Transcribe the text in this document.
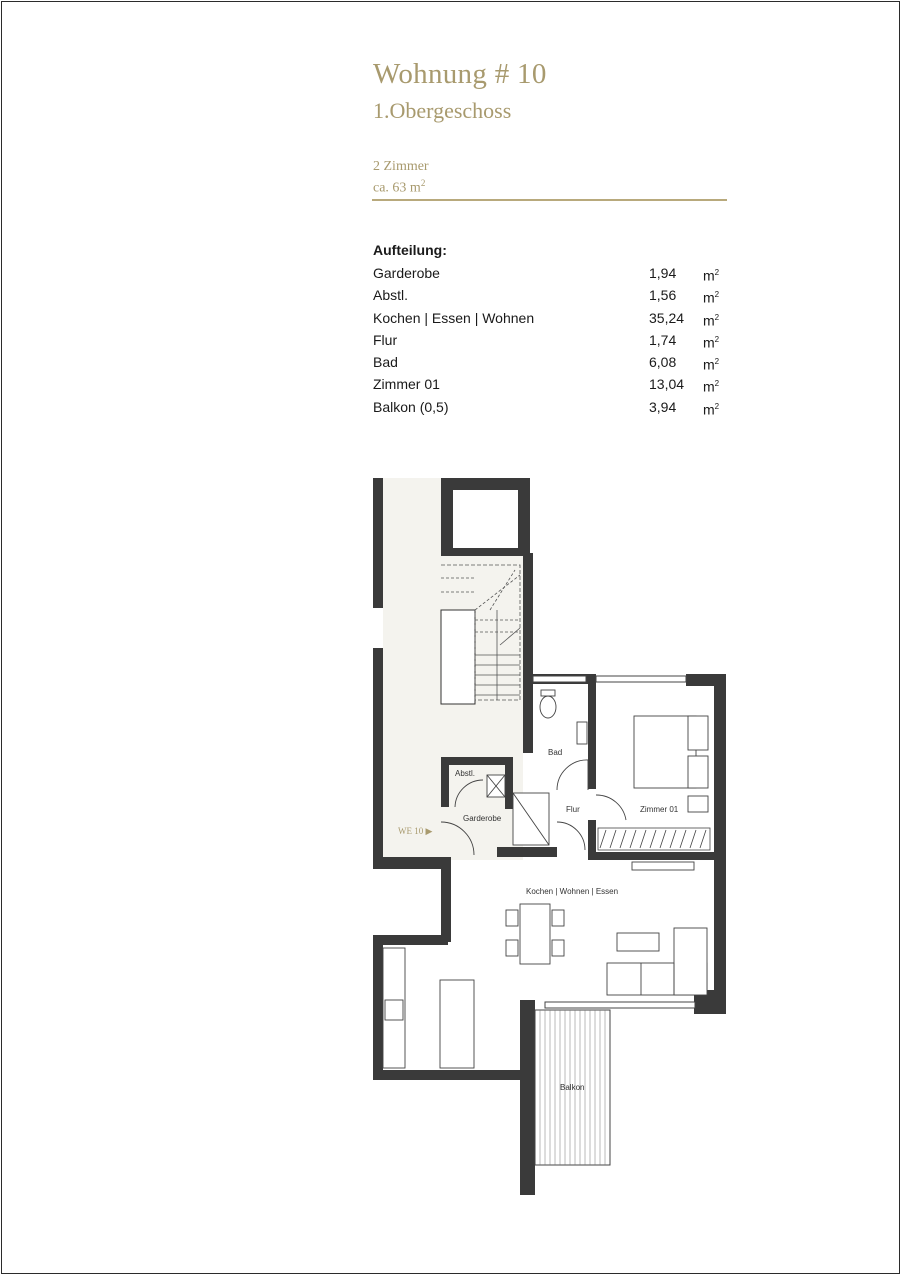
Wohnung # 10
1.Obergeschoss
2 Zimmer
ca. 63 $m^2$
Aufteilung:
Garderobe	1,94 $m^2$
Abstl.	1,56 $m^2$
Kochen | Essen | Wohnen	35,24 $m^2$
Flur	1,74 $m^2$
Bad	6,08 $m^2$
Zimmer 01	13,04 $m^2$
Balkon (0,5)	3,94 $m^2$
Bad
Abstl.
Flur	Zimmer 01
Garderobe
WE 10 ▶
Kochen | Wohnen | Essen
Balkon
